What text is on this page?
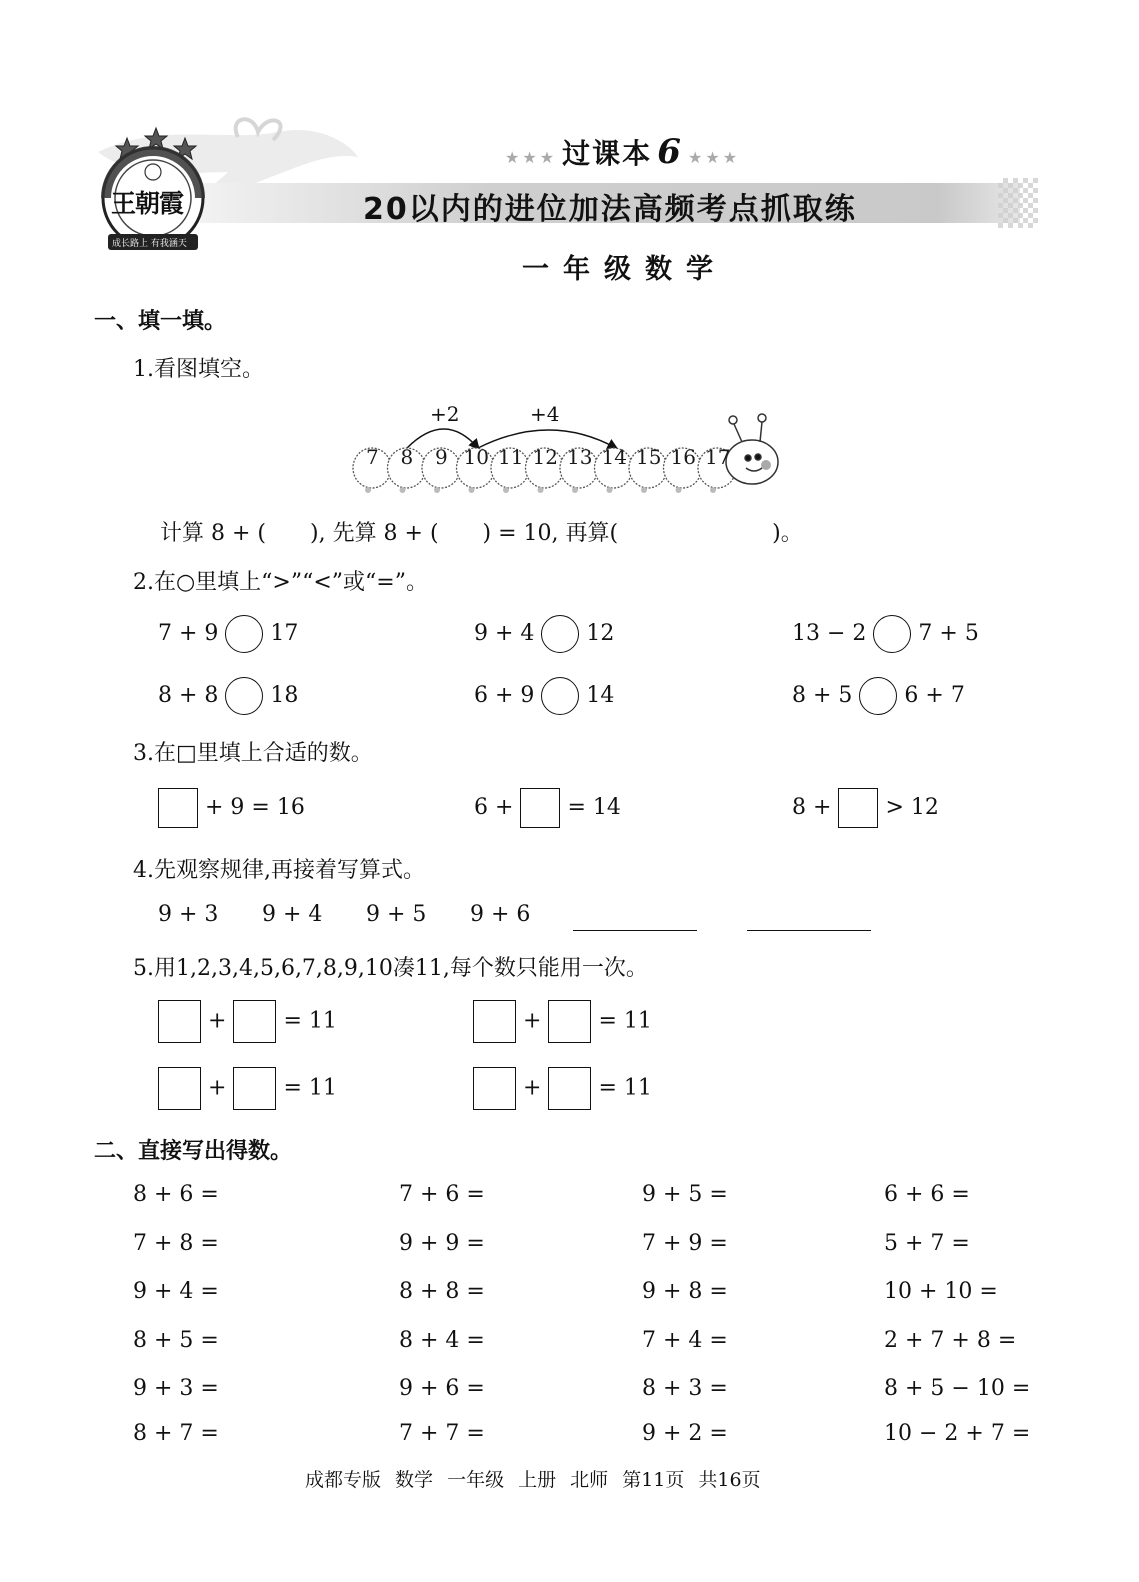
王朝霞
成长路上 有我涵天
★★★ 过课本 6 ★★★
20以内的进位加法高频考点抓取练
一年级数学
一、填一填。
1.看图填空。
+2	+4
7 8 9 10 11 12 13 14 15 16 17
计算 8 + (　　), 先算 8 + (　　) = 10, 再算(　　　　　　　)。
2.在○里填上“>”“<”或“=”。
7 + 9 17	9 + 4 12	13 − 2 7 + 5
8 + 8 18	6 + 9 14	8 + 5 6 + 7
3.在□里填上合适的数。
+ 9 = 16	6 + = 14	8 + > 12
4.先观察规律,再接着写算式。
9 + 3 9 + 4 9 + 5 9 + 6
5.用1,2,3,4,5,6,7,8,9,10凑11,每个数只能用一次。
+	= 11	+	= 11
+	= 11	+	= 11
二、直接写出得数。
8 + 6 =	7 + 6 =	9 + 5 =	6 + 6 =
7 + 8 =	9 + 9 =	7 + 9 =	5 + 7 =
9 + 4 =	8 + 8 =	9 + 8 =	10 + 10 =
8 + 5 =	8 + 4 =	7 + 4 =	2 + 7 + 8 =
9 + 3 =	9 + 6 =	8 + 3 =	8 + 5 − 10 =
8 + 7 =	7 + 7 =	9 + 2 =	10 − 2 + 7 =
成都专版 数学 一年级 上册 北师 第11页 共16页
